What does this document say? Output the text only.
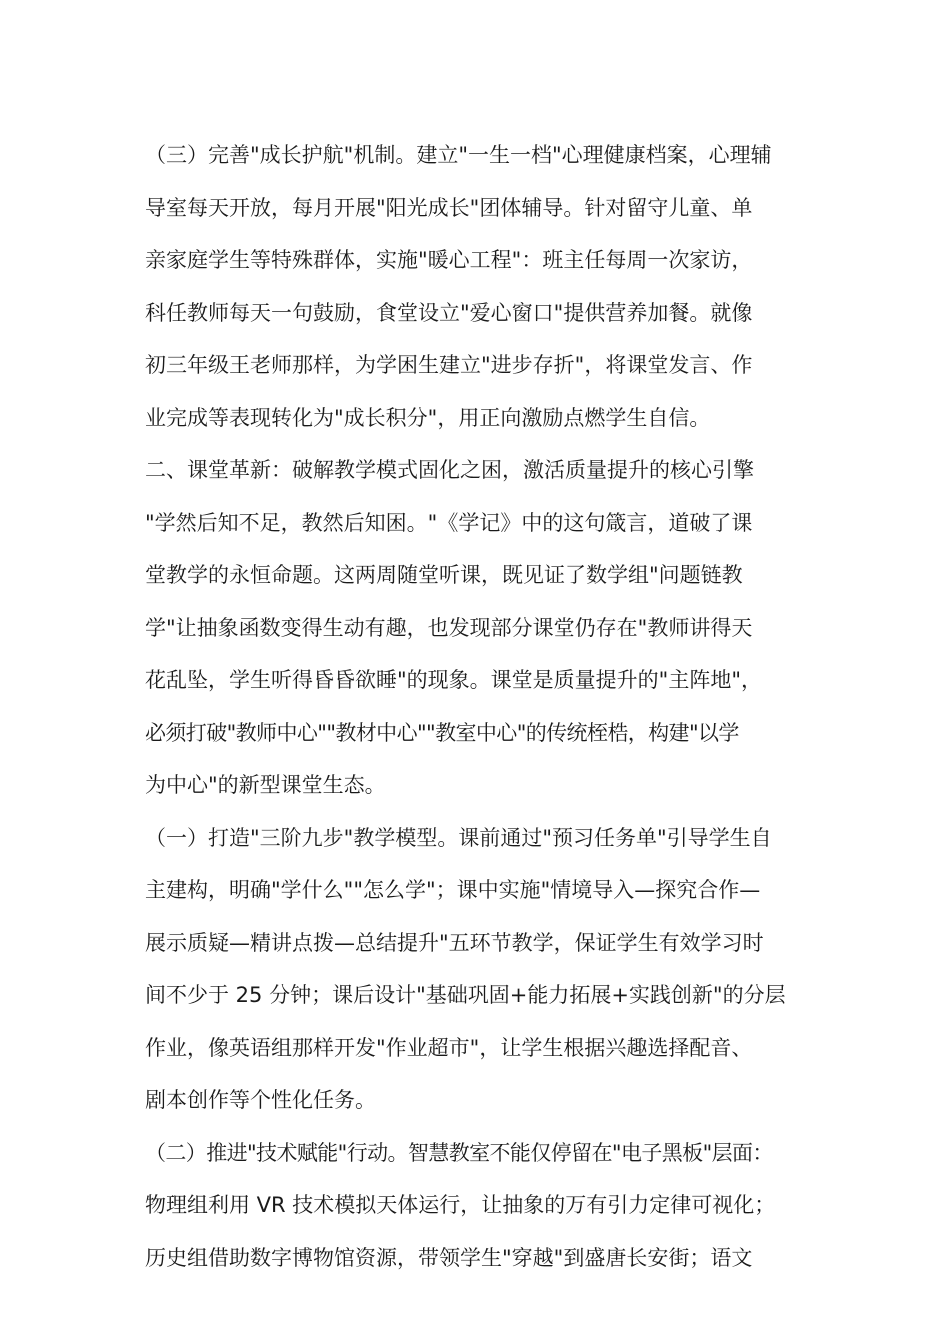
（三）完善"成长护航"机制。建立"一生一档"心理健康档案，心理辅
导室每天开放，每月开展"阳光成长"团体辅导。针对留守儿童、单
亲家庭学生等特殊群体，实施"暖心工程"：班主任每周一次家访，
科任教师每天一句鼓励，食堂设立"爱心窗口"提供营养加餐。就像
初三年级王老师那样，为学困生建立"进步存折"，将课堂发言、作
业完成等表现转化为"成长积分"，用正向激励点燃学生自信。
二、课堂革新：破解教学模式固化之困，激活质量提升的核心引擎
"学然后知不足，教然后知困。"《学记》中的这句箴言，道破了课
堂教学的永恒命题。这两周随堂听课，既见证了数学组"问题链教
学"让抽象函数变得生动有趣，也发现部分课堂仍存在"教师讲得天
花乱坠，学生听得昏昏欲睡"的现象。课堂是质量提升的"主阵地"，
必须打破"教师中心""教材中心""教室中心"的传统桎梏，构建"以学
为中心"的新型课堂生态。
（一）打造"三阶九步"教学模型。课前通过"预习任务单"引导学生自
主建构，明确"学什么""怎么学"；课中实施"情境导入—探究合作—
展示质疑—精讲点拨—总结提升"五环节教学，保证学生有效学习时
间不少于 25 分钟；课后设计"基础巩固+能力拓展+实践创新"的分层
作业，像英语组那样开发"作业超市"，让学生根据兴趣选择配音、
剧本创作等个性化任务。
（二）推进"技术赋能"行动。智慧教室不能仅停留在"电子黑板"层面：
物理组利用 VR 技术模拟天体运行，让抽象的万有引力定律可视化；
历史组借助数字博物馆资源，带领学生"穿越"到盛唐长安街；语文
